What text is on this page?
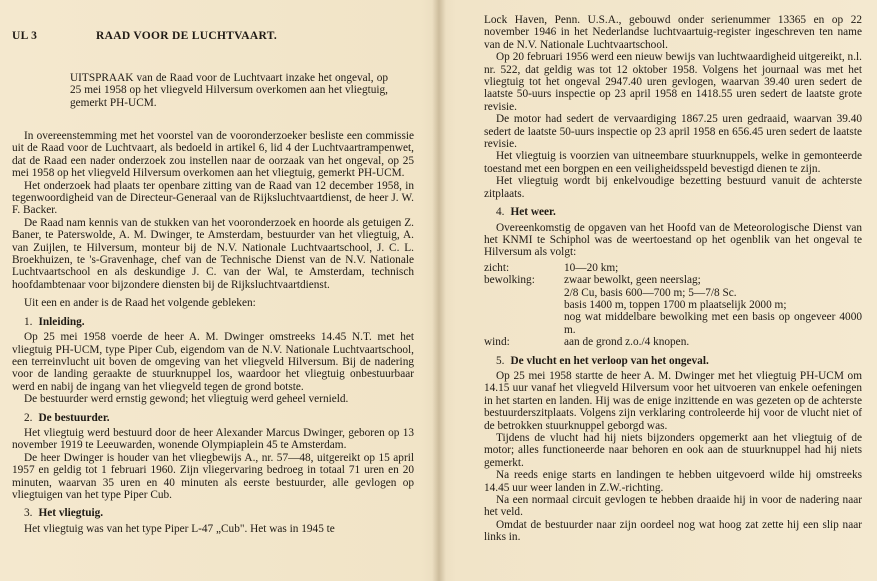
UL 3	RAAD VOOR DE LUCHTVAART.
UITSPRAAK van de Raad voor de Luchtvaart inzake het ongeval, op 25 mei 1958 op het vliegveld Hilversum overkomen aan het vliegtuig, gemerkt PH-UCM.

In overeenstemming met het voorstel van de vooronderzoeker besliste een commissie uit de Raad voor de Luchtvaart, als bedoeld in artikel 6, lid 4 der Luchtvaartrampenwet, dat de Raad een nader onderzoek zou instellen naar de oorzaak van het ongeval, op 25 mei 1958 op het vliegveld Hilversum overkomen aan het vliegtuig, gemerkt PH-UCM.

Het onderzoek had plaats ter openbare zitting van de Raad van 12 december 1958, in tegenwoordigheid van de Directeur-Generaal van de Rijksluchtvaartdienst, de heer J. W. F. Backer.

De Raad nam kennis van de stukken van het vooronderzoek en hoorde als getuigen Z. Baner, te Paterswolde, A. M. Dwinger, te Amsterdam, bestuurder van het vliegtuig, A. van Zuijlen, te Hilversum, monteur bij de N.V. Nationale Luchtvaartschool, J. C. L. Broekhuizen, te 's-Gravenhage, chef van de Technische Dienst van de N.V. Nationale Luchtvaartschool en als deskundige J. C. van der Wal, te Amsterdam, technisch hoofdambtenaar voor bijzondere diensten bij de Rijksluchtvaartdienst.

Uit een en ander is de Raad het volgende gebleken:

1. Inleiding.

Op 25 mei 1958 voerde de heer A. M. Dwinger omstreeks 14.45 N.T. met het vliegtuig PH-UCM, type Piper Cub, eigendom van de N.V. Nationale Luchtvaartschool, een terreinvlucht uit boven de omgeving van het vliegveld Hilversum. Bij de nadering voor de landing geraakte de stuurknuppel los, waardoor het vliegtuig onbestuurbaar werd en nabij de ingang van het vliegveld tegen de grond botste.

De bestuurder werd ernstig gewond; het vliegtuig werd geheel vernield.

2. De bestuurder.

Het vliegtuig werd bestuurd door de heer Alexander Marcus Dwinger, geboren op 13 november 1919 te Leeuwarden, wonende Olympiaplein 45 te Amsterdam.

De heer Dwinger is houder van het vliegbewijs A., nr. 57—48, uitgereikt op 15 april 1957 en geldig tot 1 februari 1960. Zijn vliegervaring bedroeg in totaal 71 uren en 20 minuten, waarvan 35 uren en 40 minuten als eerste bestuurder, alle gevlogen op vliegtuigen van het type Piper Cub.

3. Het vliegtuig.

Het vliegtuig was van het type Piper L-47 „Cub". Het was in 1945 te

Lock Haven, Penn. U.S.A., gebouwd onder serienummer 13365 en op 22 november 1946 in het Nederlandse luchtvaartuig-register ingeschreven ten name van de N.V. Nationale Luchtvaartschool.

Op 20 februari 1956 werd een nieuw bewijs van luchtwaardigheid uitgereikt, n.l. nr. 522, dat geldig was tot 12 oktober 1958. Volgens het journaal was met het vliegtuig tot het ongeval 2947.40 uren gevlogen, waarvan 39.40 uren sedert de laatste 50-uurs inspectie op 23 april 1958 en 1418.55 uren sedert de laatste grote revisie.

De motor had sedert de vervaardiging 1867.25 uren gedraaid, waarvan 39.40 sedert de laatste 50-uurs inspectie op 23 april 1958 en 656.45 uren sedert de laatste revisie.

Het vliegtuig is voorzien van uitneembare stuurknuppels, welke in gemonteerde toestand met een borgpen en een veiligheidsspeld bevestigd dienen te zijn.

Het vliegtuig wordt bij enkelvoudige bezetting bestuurd vanuit de achterste zitplaats.

4. Het weer.

Overeenkomstig de opgaven van het Hoofd van de Meteorologische Dienst van het KNMI te Schiphol was de weertoestand op het ogenblik van het ongeval te Hilversum als volgt:

zicht:	10—20 km;
bewolking:	zwaar bewolkt, geen neerslag;
2/8 Cu, basis 600—700 m; 5—7/8 Sc.
basis 1400 m, toppen 1700 m plaatselijk 2000 m;
nog wat middelbare bewolking met een basis op ongeveer 4000 m.
wind:	aan de grond z.o./4 knopen.
5. De vlucht en het verloop van het ongeval.

Op 25 mei 1958 startte de heer A. M. Dwinger met het vliegtuig PH-UCM om 14.15 uur vanaf het vliegveld Hilversum voor het uitvoeren van enkele oefeningen in het starten en landen. Hij was de enige inzittende en was gezeten op de achterste bestuurderszitplaats. Volgens zijn verklaring controleerde hij voor de vlucht niet of de betrokken stuurknuppel geborgd was.

Tijdens de vlucht had hij niets bijzonders opgemerkt aan het vliegtuig of de motor; alles functioneerde naar behoren en ook aan de stuurknuppel had hij niets gemerkt.

Na reeds enige starts en landingen te hebben uitgevoerd wilde hij omstreeks 14.45 uur weer landen in Z.W.-richting.

Na een normaal circuit gevlogen te hebben draaide hij in voor de nadering naar het veld.

Omdat de bestuurder naar zijn oordeel nog wat hoog zat zette hij een slip naar links in.
